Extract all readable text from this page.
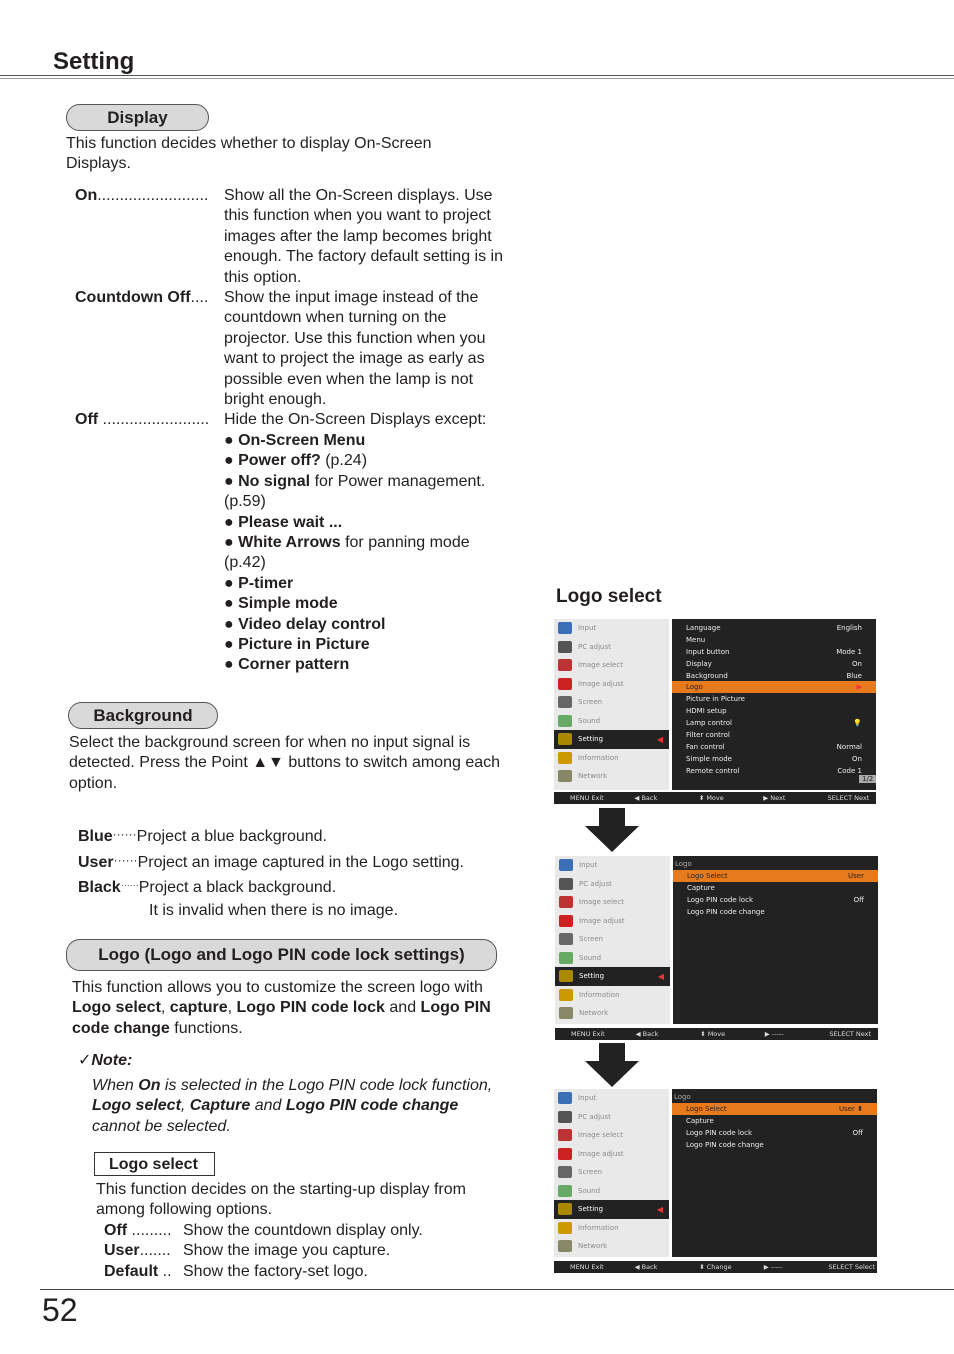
Setting
Display
This function decides whether to display On-Screen Displays.
On......................... Show all the On-Screen displays. Use this function when you want to project images after the lamp becomes bright enough. The factory default setting is in this option.
Countdown Off.... Show the input image instead of the countdown when turning on the projector. Use this function when you want to project the image as early as possible even when the lamp is not bright enough.
Off ........................ Hide the On-Screen Displays except:
● On-Screen Menu
● Power off? (p.24)
● No signal for Power management. (p.59)
● Please wait ...
● White Arrows for panning mode (p.42)
● P-timer
● Simple mode
● Video delay control
● Picture in Picture
● Corner pattern
Background
Select the background screen for when no input signal is detected. Press the Point ▲▼ buttons to switch among each option.
Blue······Project a blue background.
User······Project an image captured in the Logo setting.
Black······Project a black background.
It is invalid when there is no image.
Logo (Logo and Logo PIN code lock settings)
This function allows you to customize the screen logo with Logo select, capture, Logo PIN code lock and Logo PIN code change functions.
✓Note:
When On is selected in the Logo PIN code lock function, Logo select, Capture and Logo PIN code change cannot be selected.
Logo select
This function decides on the starting-up display from among following options.
Off ......... Show the countdown display only.
User....... Show the image you capture.
Default .. Show the factory-set logo.
Logo select
Input
PC adjust
Image select
Image adjust
Screen
Sound
Setting
◀
Information
Network
Language	English
Menu
Input button	Mode 1
Display	On
Background	Blue
Logo	▶
Picture in Picture
HDMI setup
Lamp control	💡
Filter control
Fan control	Normal
Simple mode	On
Remote control	Code 1
1/2
MENU Exit	◀ Back	⬍ Move	▶ Next	SELECT Next
Input
PC adjust
Image select
Image adjust
Screen
Sound
Setting
◀
Information
Network
Logo
Logo Select	User
Capture
Logo PIN code lock	Off
Logo PIN code change
MENU Exit	◀ Back	⬍ Move	▶ -----	SELECT Next
Input
PC adjust
Image select
Image adjust
Screen
Sound
Setting
◀
Information
Network
Logo
Logo Select	User ⬍
Capture
Logo PIN code lock	Off
Logo PIN code change
MENU Exit	◀ Back	⬍ Change	▶ -----	SELECT Select
52
